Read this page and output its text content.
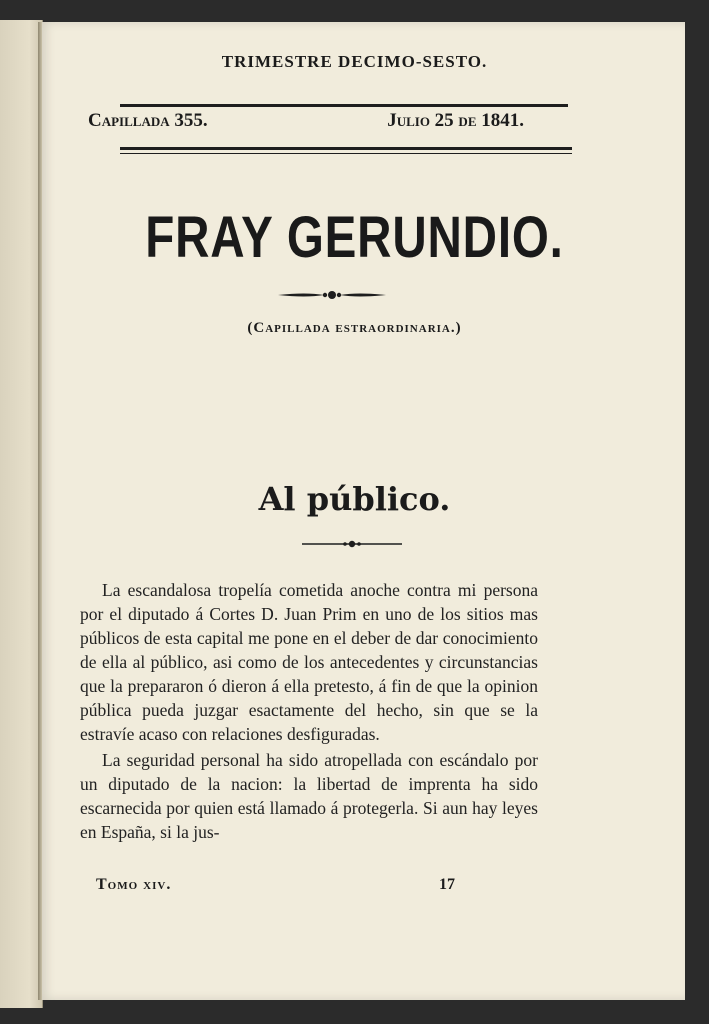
TRIMESTRE DECIMO-SESTO.
Capillada 355.	Julio 25 de 1841.
FRAY GERUNDIO.
(Capillada estraordinaria.)
Al público.

La escandalosa tropelía cometida anoche contra mi persona por el diputado á Cortes D. Juan Prim en uno de los sitios mas públicos de esta capital me pone en el deber de dar conocimiento de ella al público, asi como de los antecedentes y circunstancias que la prepararon ó dieron á ella pretesto, á fin de que la opinion pública pueda juzgar esactamente del hecho, sin que se la estravíe acaso con relaciones desfiguradas.

La seguridad personal ha sido atropellada con escándalo por un diputado de la nacion: la libertad de imprenta ha sido escarnecida por quien está llamado á protegerla. Si aun hay leyes en España, si la jus-

Tomo xiv.	17
